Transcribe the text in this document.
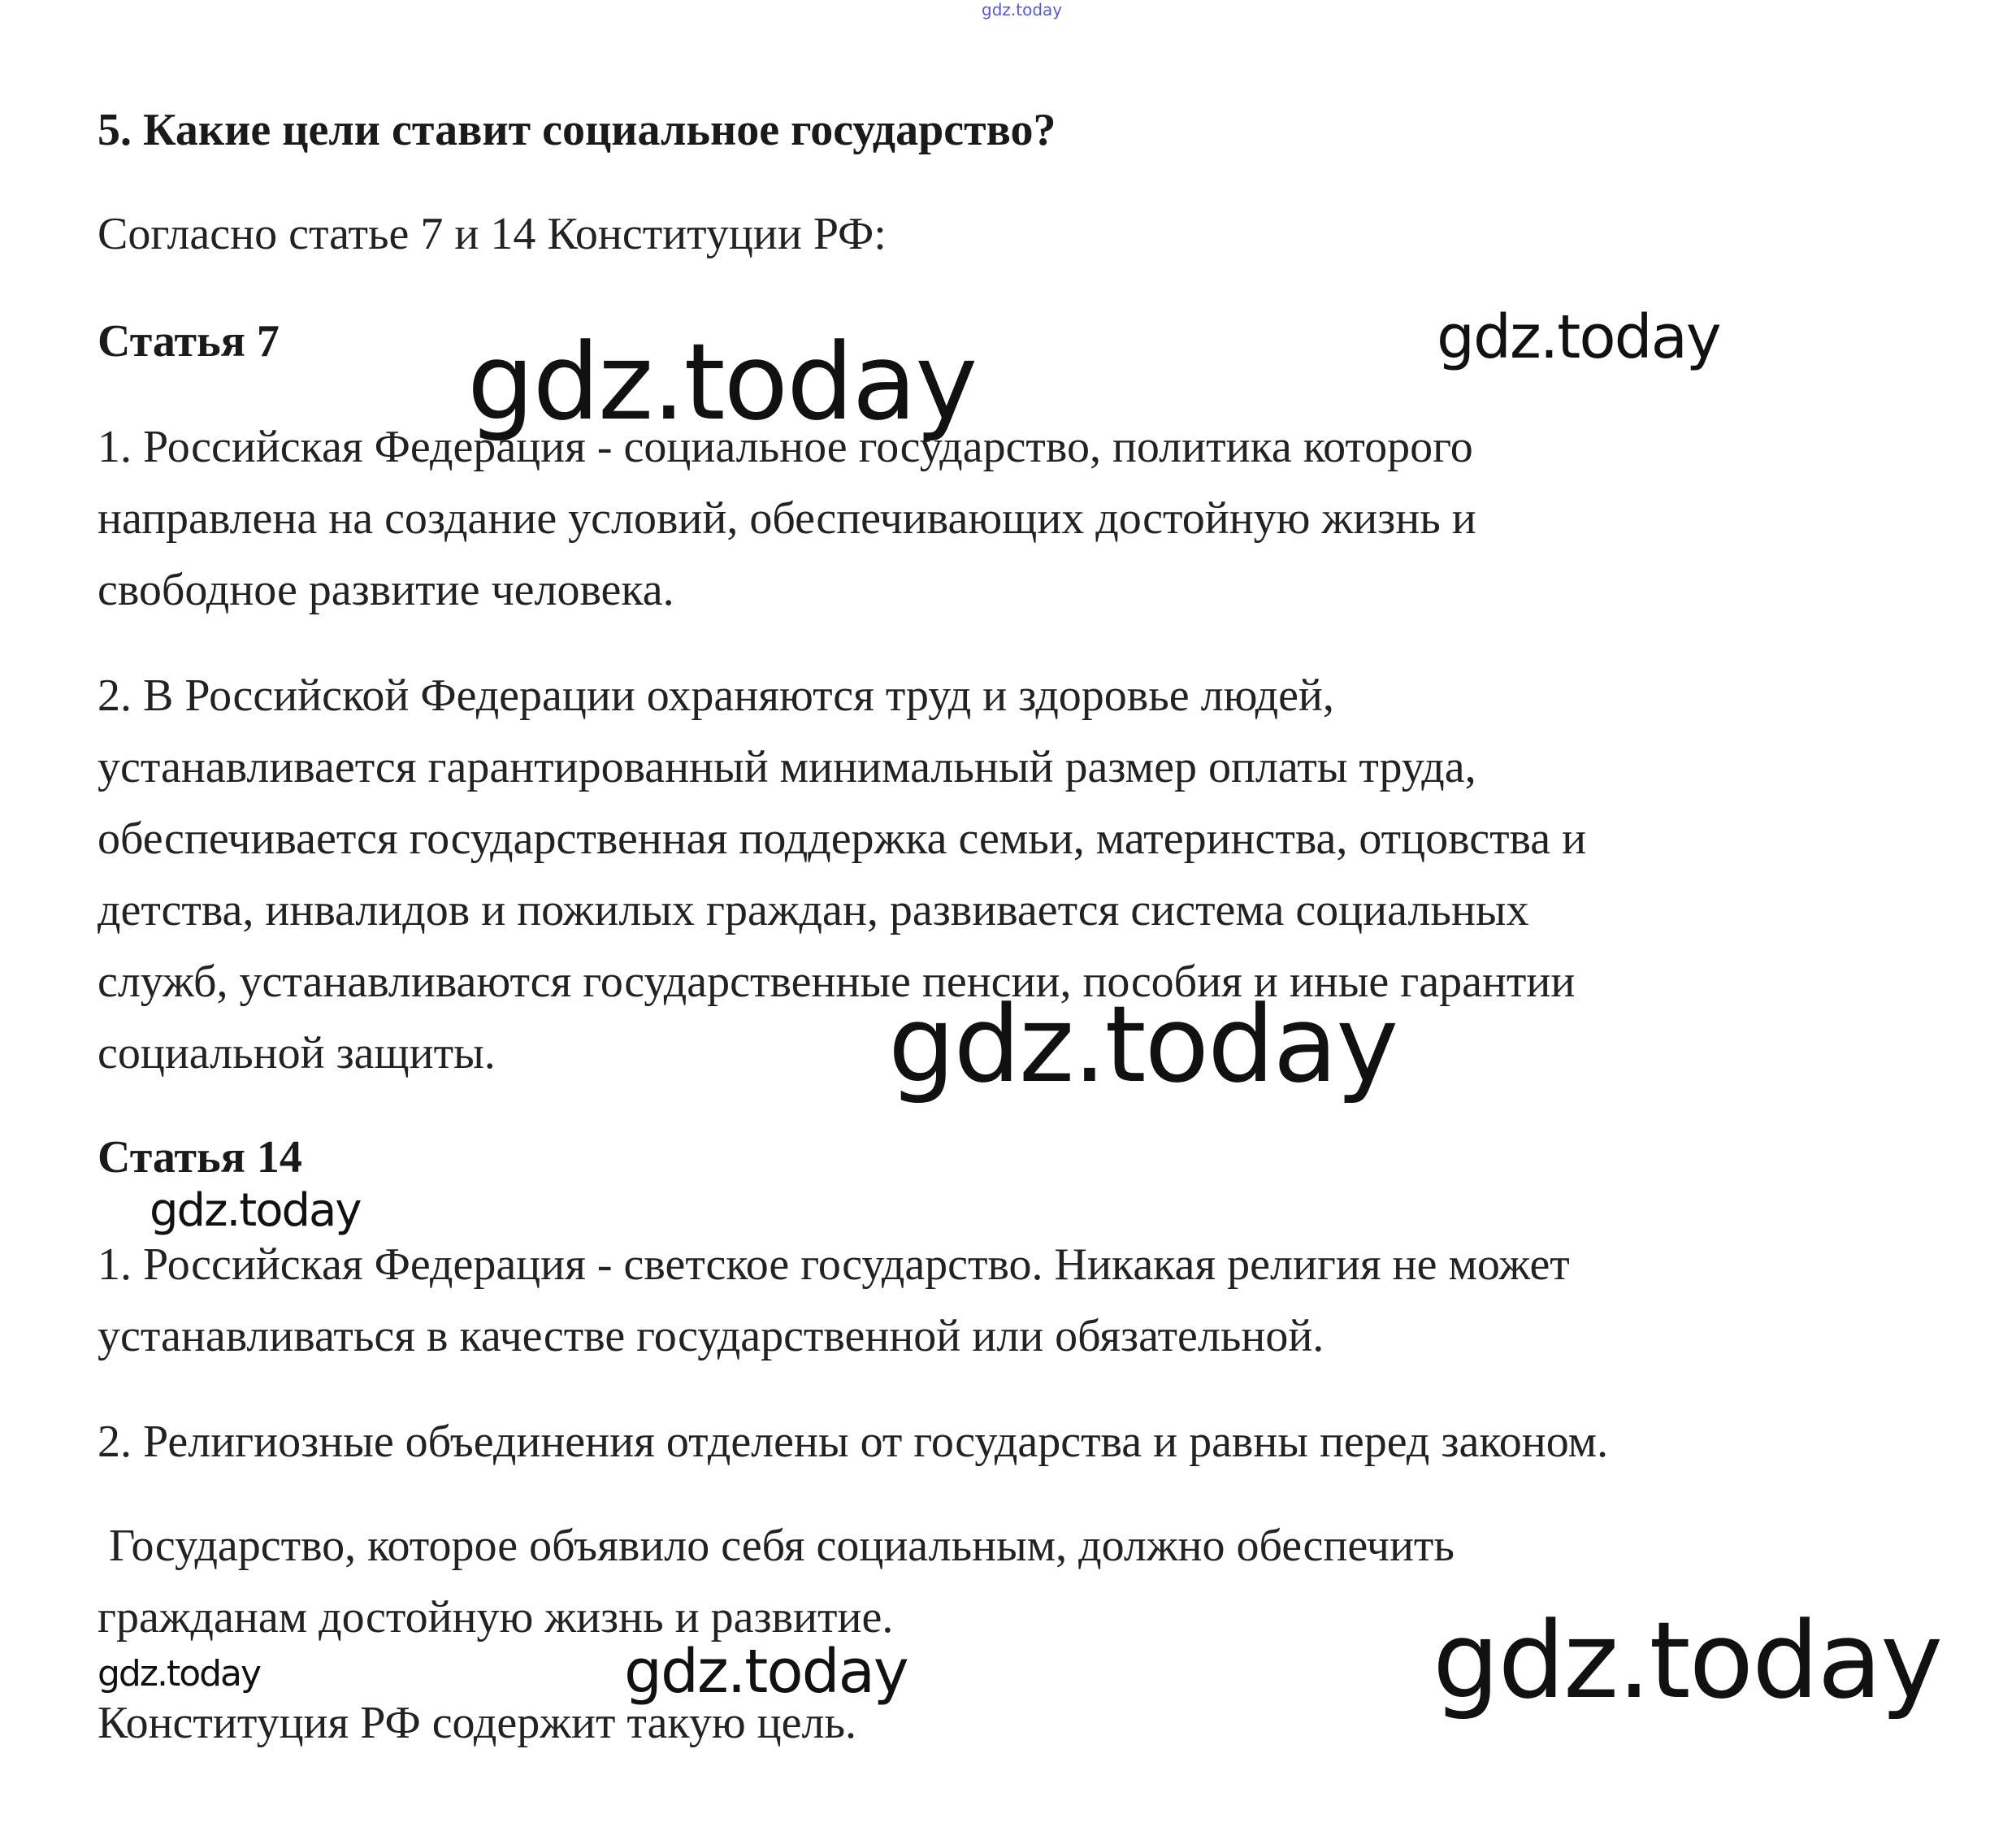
gdz.today

5. Какие цели ставит социальное государство?

Согласно статье 7 и 14 Конституции РФ:

Статья 7

1. Российская Федерация - социальное государство, политика которого

направлена на создание условий, обеспечивающих достойную жизнь и

свободное развитие человека.

2. В Российской Федерации охраняются труд и здоровье людей,

устанавливается гарантированный минимальный размер оплаты труда,

обеспечивается государственная поддержка семьи, материнства, отцовства и

детства, инвалидов и пожилых граждан, развивается система социальных

служб, устанавливаются государственные пенсии, пособия и иные гарантии

социальной защиты.

Статья 14

1. Российская Федерация - светское государство. Никакая религия не может

устанавливаться в качестве государственной или обязательной.

2. Религиозные объединения отделены от государства и равны перед законом.

Государство, которое объявило себя социальным, должно обеспечить

гражданам достойную жизнь и развитие.

Конституция РФ содержит такую цель.

gdz.today	gdz.today

gdz.today

gdz.today

gdz.today

gdz.today	gdz.today
